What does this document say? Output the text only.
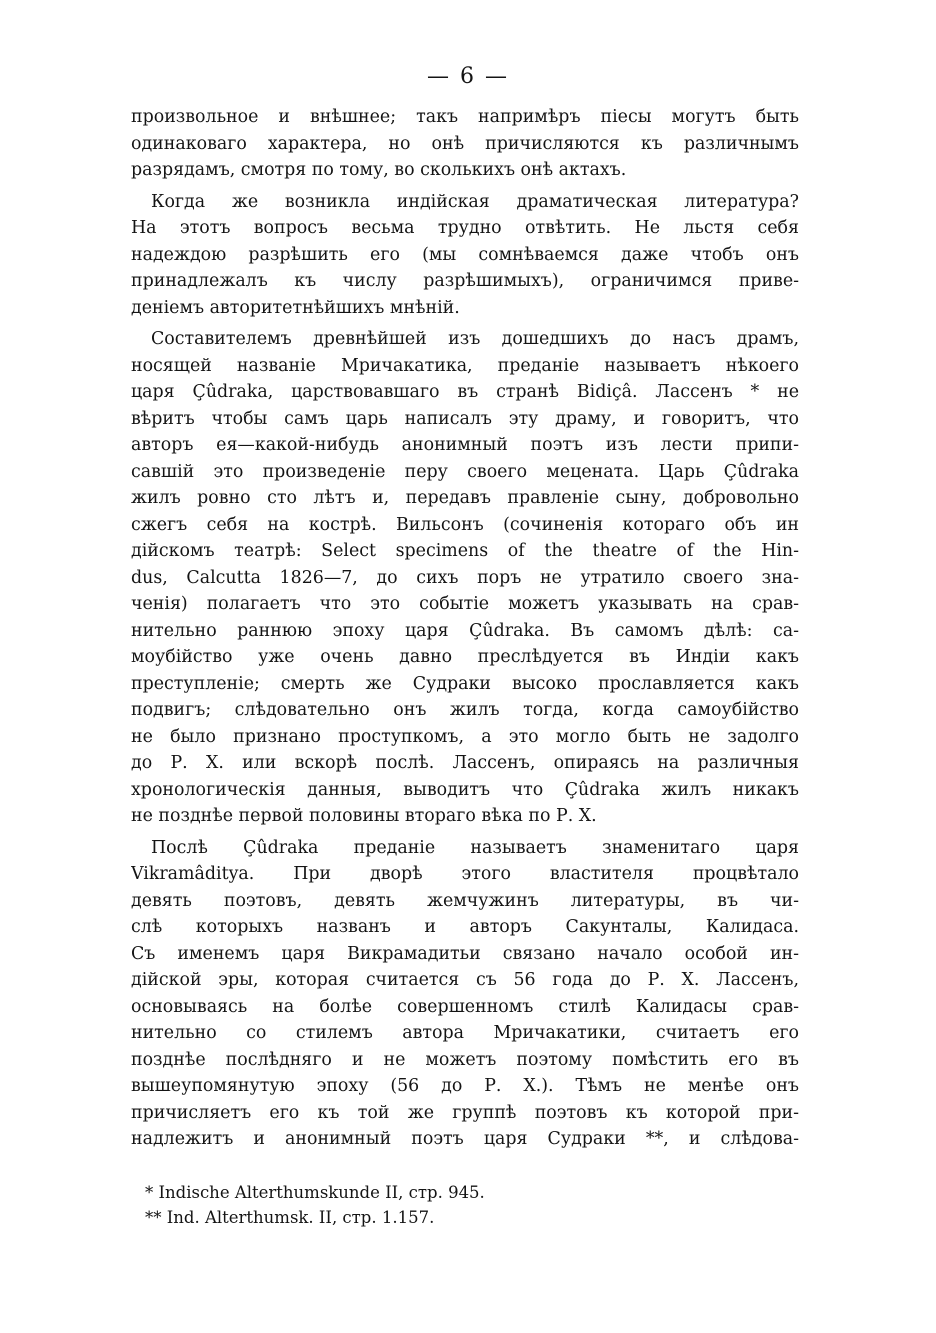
— 6 —
произвольное и внѣшнее; такъ напримѣръ піесы могутъ быть
одинаковаго характера, но онѣ причисляются къ различнымъ
разрядамъ, смотря по тому, во сколькихъ онѣ актахъ.
Когда же возникла индійская драматическая литература?
На этотъ вопросъ весьма трудно отвѣтить. Не льстя себя
надеждою разрѣшить его (мы сомнѣваемся даже чтобъ онъ
принадлежалъ къ числу разрѣшимыхъ), ограничимся приве-
деніемъ авторитетнѣйшихъ мнѣній.
Составителемъ древнѣйшей изъ дошедшихъ до насъ драмъ,
носящей названіе Мричакатика, преданіе называетъ нѣкоего
царя Çûdraka, царствовавшаго въ странѣ Bidiçâ. Лассенъ * не
вѣритъ чтобы самъ царь написалъ эту драму, и говоритъ, что
авторъ ея—какой-нибудь анонимный поэтъ изъ лести припи-
савшій это произведеніе перу своего мецената. Царь Çûdraka
жилъ ровно сто лѣтъ и, передавъ правленіе сыну, добровольно
сжегъ себя на кострѣ. Вильсонъ (сочиненія котораго объ ин
дійскомъ театрѣ: Select specimens of the theatre of the Hin-
dus, Calcutta 1826—7, до сихъ поръ не утратило своего зна-
ченія) полагаетъ что это событіе можетъ указывать на срав-
нительно раннюю эпоху царя Çûdraka. Въ самомъ дѣлѣ: са-
моубійство уже очень давно преслѣдуется въ Индіи какъ
преступленіе; смерть же Судраки высоко прославляется какъ
подвигъ; слѣдовательно онъ жилъ тогда, когда самоубійство
не было признано проступкомъ, а это могло быть не задолго
до Р. Х. или вскорѣ послѣ. Лассенъ, опираясь на различныя
хронологическія данныя, выводитъ что Çûdraka жилъ никакъ
не позднѣе первой половины втораго вѣка по Р. Х.
Послѣ Çûdraka преданіе называетъ знаменитаго царя
Vikramâditya. При дворѣ этого властителя процвѣтало
девять поэтовъ, девять жемчужинъ литературы, въ чи-
слѣ которыхъ названъ и авторъ Сакунталы, Калидаса.
Съ именемъ царя Викрамадитьи связано начало особой ин-
дійской эры, которая считается съ 56 года до Р. Х. Лассенъ,
основываясь на болѣе совершенномъ стилѣ Калидасы срав-
нительно со стилемъ автора Мричакатики, считаетъ его
позднѣе послѣдняго и не можетъ поэтому помѣстить его въ
вышеупомянутую эпоху (56 до Р. Х.). Тѣмъ не менѣе онъ
причисляетъ его къ той же группѣ поэтовъ къ которой при-
надлежитъ и анонимный поэтъ царя Судраки **, и слѣдова-
* Indische Alterthumskunde II, стр. 945.
** Ind. Alterthumsk. II, стр. 1.157.
